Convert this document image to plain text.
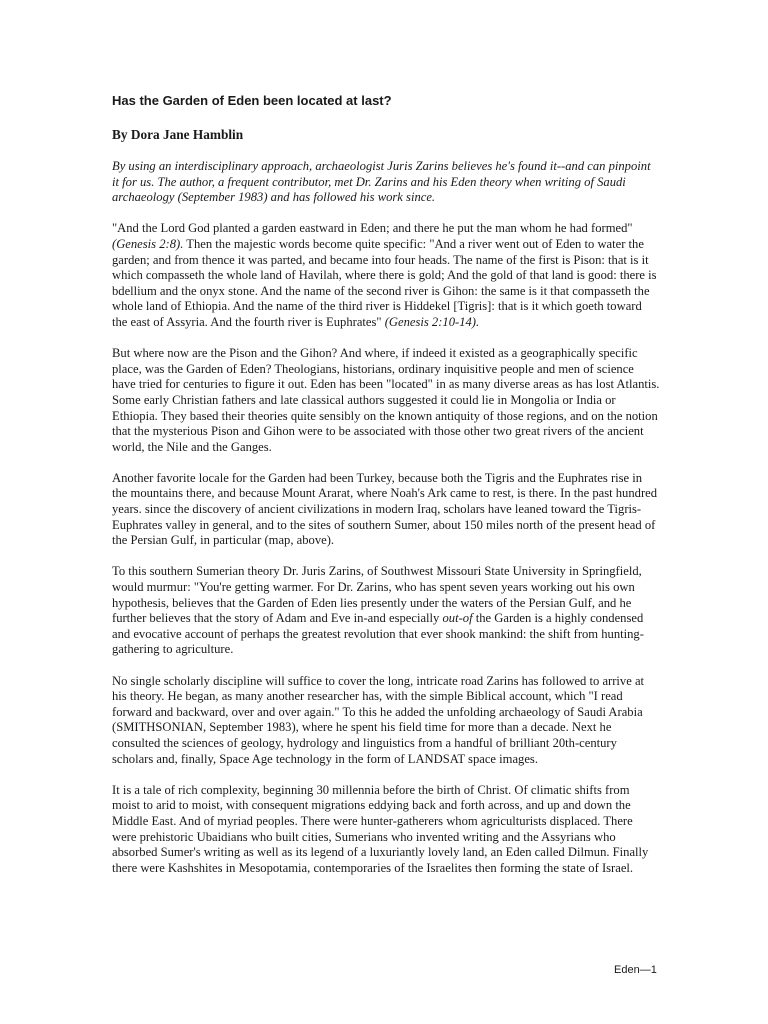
Has the Garden of Eden been located at last?
By Dora Jane Hamblin

By using an interdisciplinary approach, archaeologist Juris Zarins believes he's found it--and can pinpoint it for us. The author, a frequent contributor, met Dr. Zarins and his Eden theory when writing of Saudi archaeology (September 1983) and has followed his work since.

"And the Lord God planted a garden eastward in Eden; and there he put the man whom he had formed" (Genesis 2:8). Then the majestic words become quite specific: "And a river went out of Eden to water the garden; and from thence it was parted, and became into four heads. The name of the first is Pison: that is it which compasseth the whole land of Havilah, where there is gold; And the gold of that land is good: there is bdellium and the onyx stone. And the name of the second river is Gihon: the same is it that compasseth the whole land of Ethiopia. And the name of the third river is Hiddekel [Tigris]: that is it which goeth toward the east of Assyria. And the fourth river is Euphrates" (Genesis 2:10-14).

But where now are the Pison and the Gihon? And where, if indeed it existed as a geographically specific place, was the Garden of Eden? Theologians, historians, ordinary inquisitive people and men of science have tried for centuries to figure it out. Eden has been "located" in as many diverse areas as has lost Atlantis. Some early Christian fathers and late classical authors suggested it could lie in Mongolia or India or Ethiopia. They based their theories quite sensibly on the known antiquity of those regions, and on the notion that the mysterious Pison and Gihon were to be associated with those other two great rivers of the ancient world, the Nile and the Ganges.

Another favorite locale for the Garden had been Turkey, because both the Tigris and the Euphrates rise in the mountains there, and because Mount Ararat, where Noah's Ark came to rest, is there. In the past hundred years. since the discovery of ancient civilizations in modern Iraq, scholars have leaned toward the Tigris-Euphrates valley in general, and to the sites of southern Sumer, about 150 miles north of the present head of the Persian Gulf, in particular (map, above).

To this southern Sumerian theory Dr. Juris Zarins, of Southwest Missouri State University in Springfield, would murmur: "You're getting warmer. For Dr. Zarins, who has spent seven years working out his own hypothesis, believes that the Garden of Eden lies presently under the waters of the Persian Gulf, and he further believes that the story of Adam and Eve in-and especially out-of the Garden is a highly condensed and evocative account of perhaps the greatest revolution that ever shook mankind: the shift from hunting-gathering to agriculture.

No single scholarly discipline will suffice to cover the long, intricate road Zarins has followed to arrive at his theory. He began, as many another researcher has, with the simple Biblical account, which "I read forward and backward, over and over again." To this he added the unfolding archaeology of Saudi Arabia (SMITHSONIAN, September 1983), where he spent his field time for more than a decade. Next he consulted the sciences of geology, hydrology and linguistics from a handful of brilliant 20th-century scholars and, finally, Space Age technology in the form of LANDSAT space images.

It is a tale of rich complexity, beginning 30 millennia before the birth of Christ. Of climatic shifts from moist to arid to moist, with consequent migrations eddying back and forth across, and up and down the Middle East. And of myriad peoples. There were hunter-gatherers whom agriculturists displaced. There were prehistoric Ubaidians who built cities, Sumerians who invented writing and the Assyrians who absorbed Sumer's writing as well as its legend of a luxuriantly lovely land, an Eden called Dilmun. Finally there were Kashshites in Mesopotamia, contemporaries of the Israelites then forming the state of Israel.

Eden—1
